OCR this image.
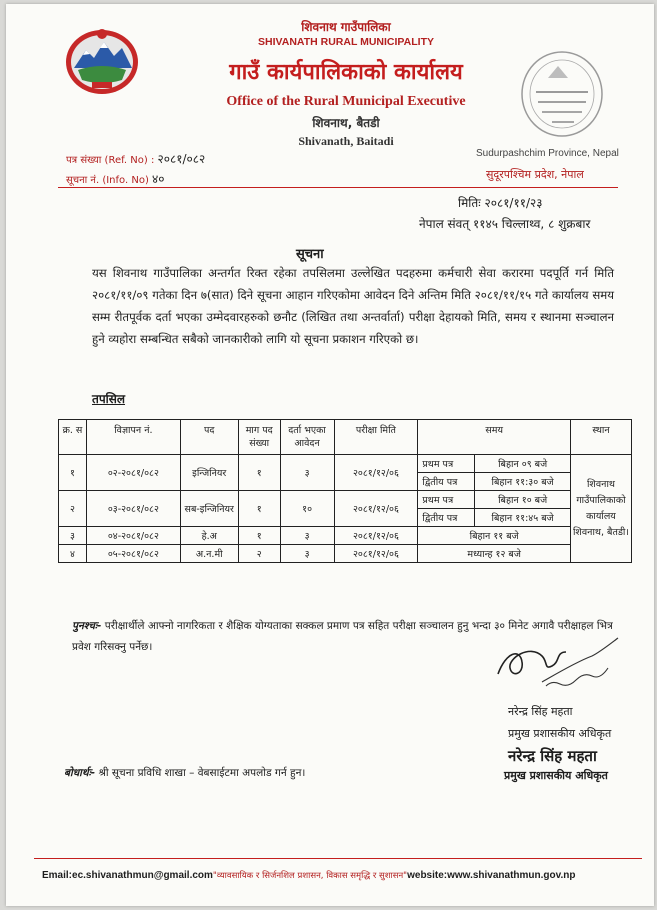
शिवनाथ गाउँपालिका
SHIVANATH RURAL MUNICIPALITY
गाउँ कार्यपालिकाको कार्यालय
Office of the Rural Municipal Executive
शिवनाथ, बैतडी
Shivanath, Baitadi
पत्र संख्या (Ref. No) : २०८१/०८२
सूचना नं. (Info. No) ४०
Sudurpashchim Province, Nepal
सुदूरपश्चिम प्रदेश, नेपाल
मितिः २०८१/११/२३
नेपाल संवत् ११४५ चिल्लाथ्व, ८ शुक्रबार
सूचना
यस शिवनाथ गाउँपालिका अन्तर्गत रिक्त रहेका तपसिलमा उल्लेखित पदहरुमा कर्मचारी सेवा करारमा पदपूर्ति गर्न मिति २०८१/११/०९ गतेका दिन ७(सात) दिने सूचना आहान गरिएकोमा आवेदन दिने अन्तिम मिति २०८१/११/१५ गते कार्यालय समय सम्म रीतपूर्वक दर्ता भएका उम्मेदवारहरुको छनौट (लिखित तथा अन्तर्वार्ता) परीक्षा देहायको मिति, समय र स्थानमा सञ्चालन हुने व्यहोरा सम्बन्धित सबैको जानकारीको लागि यो सूचना प्रकाशन गरिएको छ।
तपसिल
क्र. स	विज्ञापन नं.	पद	माग पद संख्या	दर्ता भएका आवेदन	परीक्षा मिति	समय		स्थान
१	०२-२०८१/०८२	इन्जिनियर	१	३	२०८१/१२/०६	प्रथम पत्र	बिहान ०९ बजे	शिवनाथ गाउँपालिकाको कार्यालय शिवनाथ, बैतडी।
						द्वितीय पत्र	बिहान ११:३० बजे	
२	०३-२०८१/०८२	सब-इन्जिनियर	१	१०	२०८१/१२/०६	प्रथम पत्र	बिहान १० बजे	
						द्वितीय पत्र	बिहान ११:४५ बजे	
३	०४-२०८१/०८२	हे.अ	१	३	२०८१/१२/०६	बिहान ११ बजे		

४	०५-२०८१/०८२	अ.न.मी	२	३	२०८१/१२/०६	मध्यान्ह १२ बजे		

पुनश्चः- परीक्षार्थीले आफ्नो नागरिकता र शैक्षिक योग्यताका सक्कल प्रमाण पत्र सहित परीक्षा सञ्चालन हुनु भन्दा ३० मिनेट अगावै परीक्षाहल भित्र प्रवेश गरिसक्नु पर्नेछ।
नरेन्द्र सिंह महता
प्रमुख प्रशासकीय अधिकृत
नरेन्द्र सिंह महता
प्रमुख प्रशासकीय अधिकृत
बोधार्थः- श्री सूचना प्रविधि शाखा – वेबसाईटमा अपलोड गर्न हुन।
Email:ec.shivanathmun@gmail.com"व्यावसायिक र सिर्जनशिल प्रशासन, विकास समृद्धि र सुशासन"website:www.shivanathmun.gov.np
